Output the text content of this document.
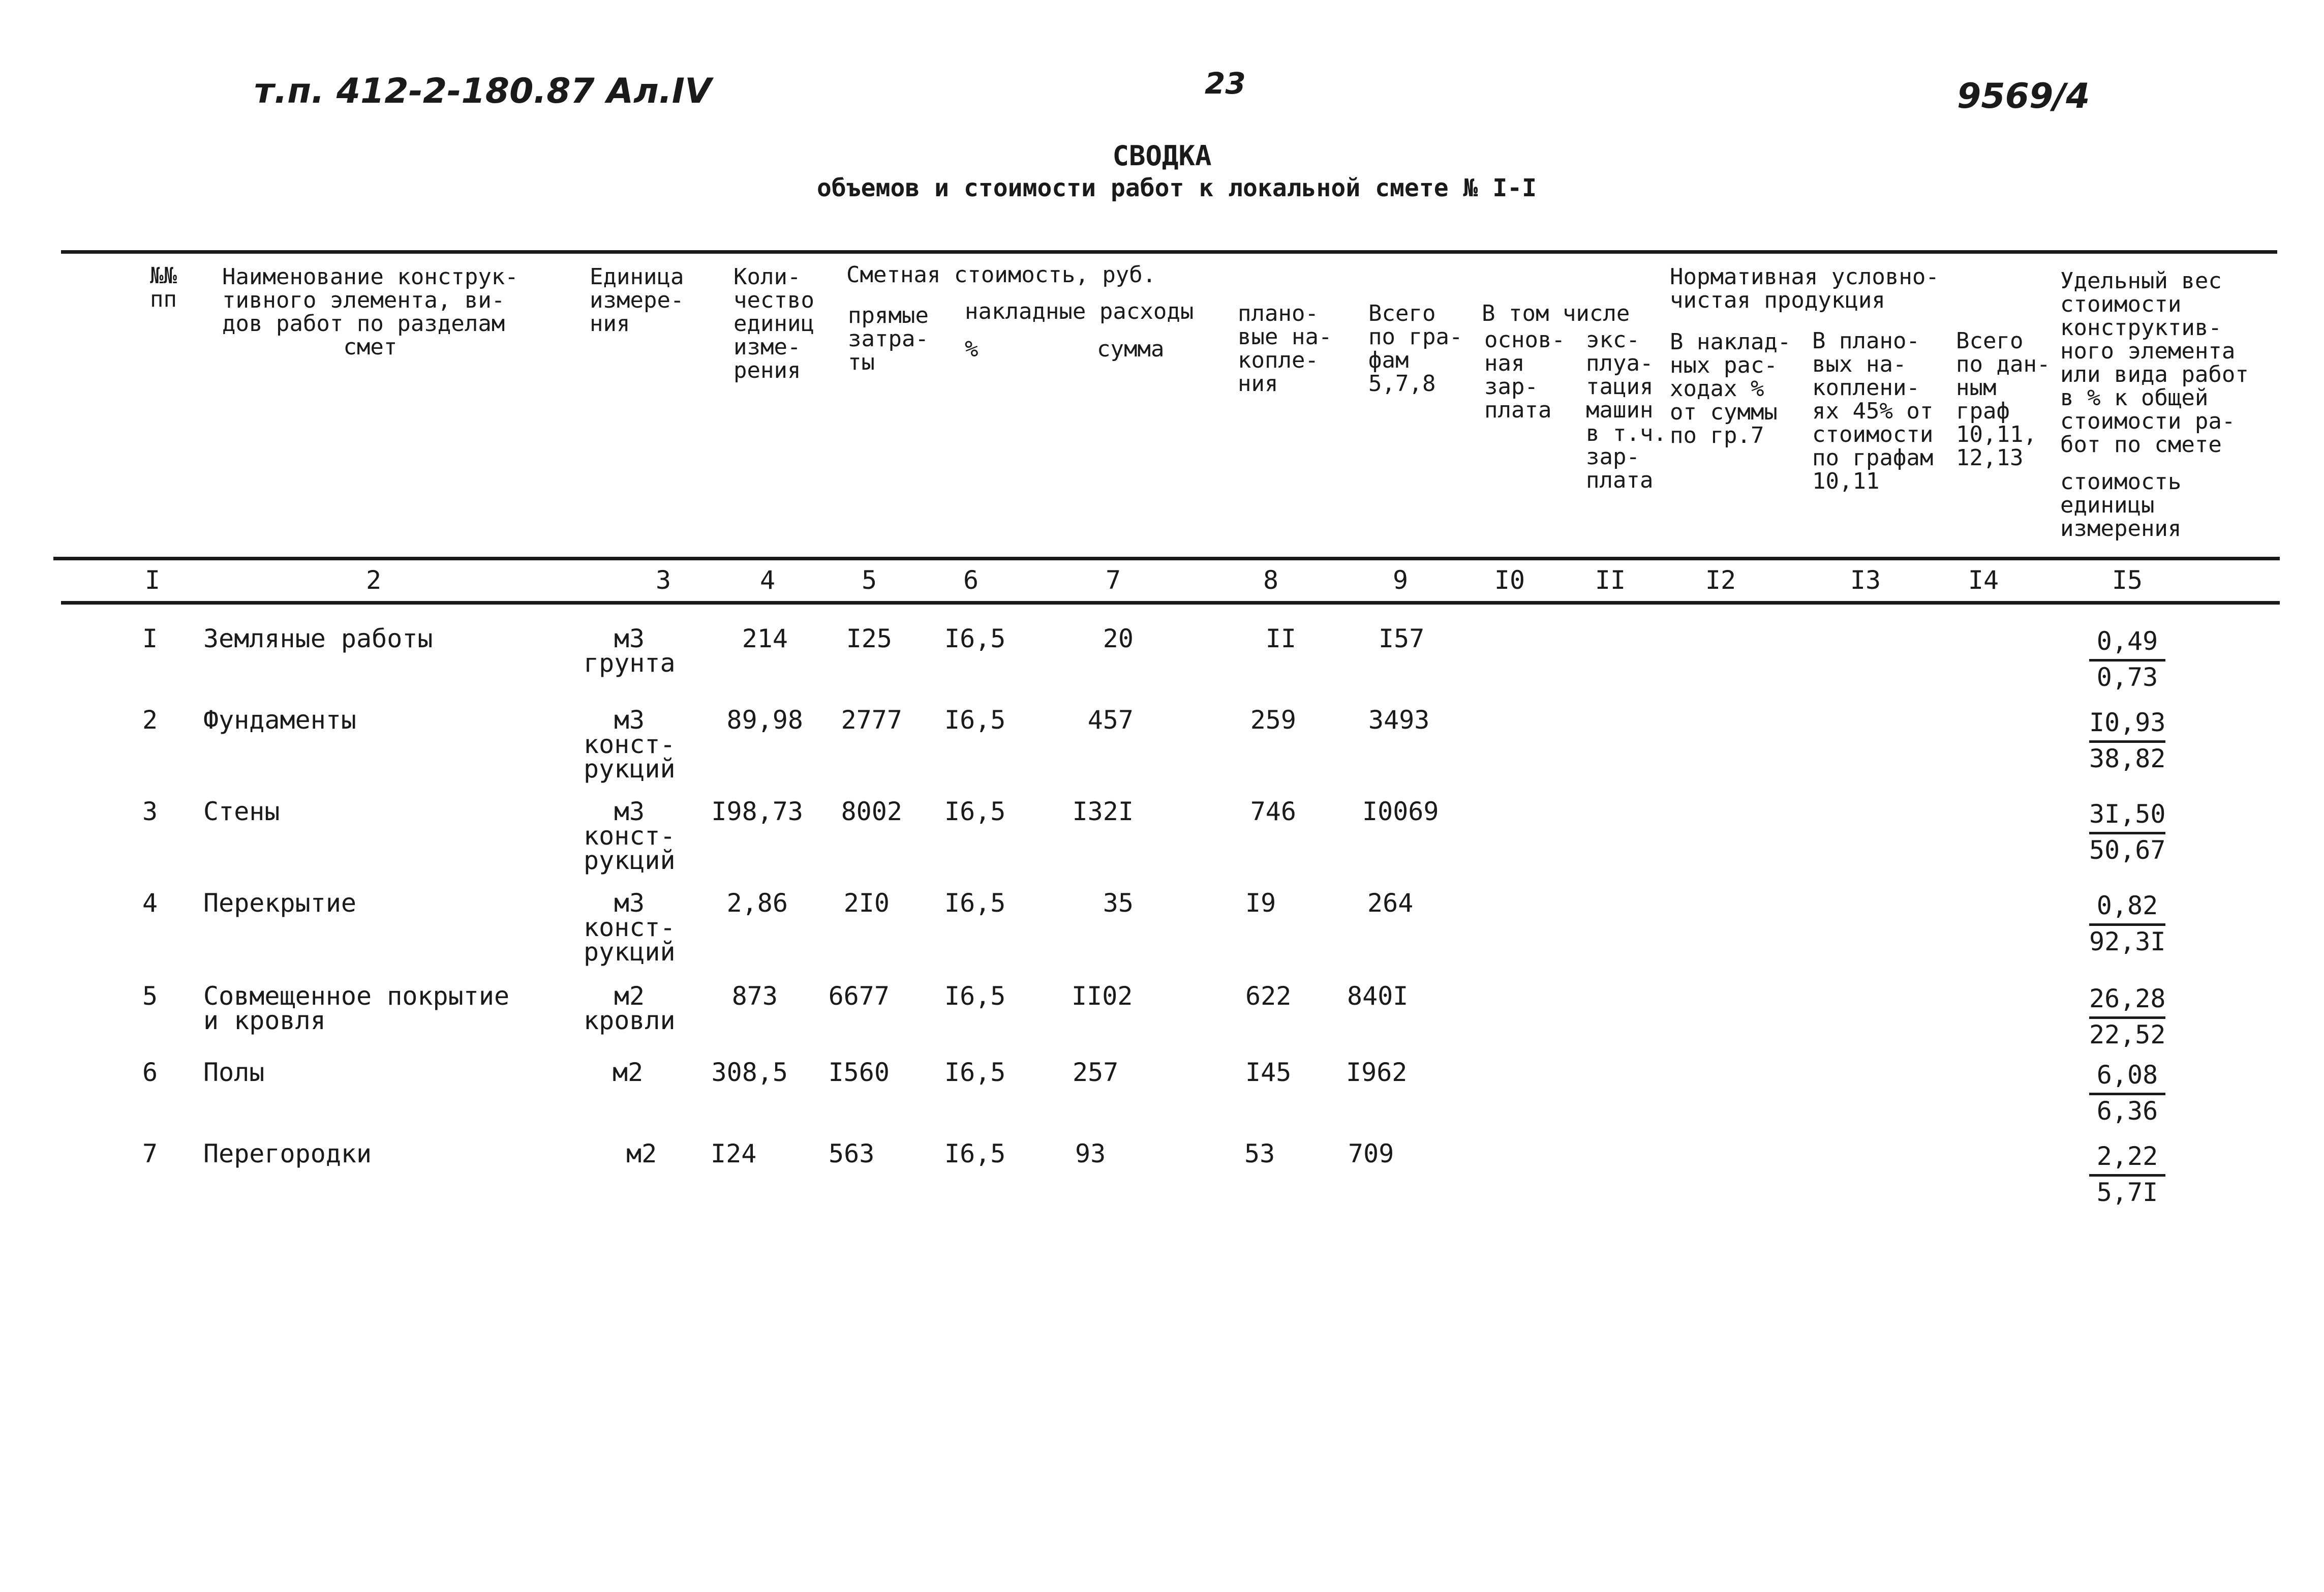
т.п. 412-2-180.87 Ал.IV	23	9569/4
СВОДКА
объемов и стоимости работ к локальной смете № I-I
№№
пп
Наименование конструк-
тивного элемента, ви-
дов работ по разделам
смет
Единица
измере-
ния
Коли-
чество
единиц
изме-
рения
Сметная стоимость, руб.
прямые
затра-
ты
накладные расходы
%	сумма
плано-
вые на-
копле-
ния
Всего
по гра-
фам
5,7,8
В том числе
основ-
ная
зар-
плата
экс-
плуа-
тация
машин
в т.ч.
зар-
плата
Нормативная условно-
чистая продукция
В наклад-
ных рас-
ходах %
от суммы
по гр.7
В плано-
вых на-
коплени-
ях 45% от
стоимости
по графам
10,11
Всего
по дан-
ным
граф
10,11,
12,13
Удельный вес
стоимости
конструктив-
ного элемента
или вида работ
в % к общей
стоимости ра-
бот по смете
стоимость
единицы
измерения
I	2	3	4	5	6	7	8	9	I0	II	I2	I3	I4	I5
I Земляные работы	м3
грунта
214	I25 I6,5	20	II	I57	$\frac{0,49}{0,73}$
2 Фундаменты	м3
конст-
рукций
89,98	2777 I6,5	457	259	3493	$\frac{I0,93}{38,82}$
3 Стены	м3
конст-
рукций
I98,73	8002 I6,5	I32I	746	I0069	$\frac{3I,50}{50,67}$
4 Перекрытие	м3
конст-
рукций
2,86	2I0 I6,5	35	I9	264	$\frac{0,82}{92,3I}$
5 Совмещенное покрытие
и кровля
м2
кровли
873	6677 I6,5	II02	622 840I	$\frac{26,28}{22,52}$
6 Полы	м2	308,5	I560 I6,5	257	I45 I962	$\frac{6,08}{6,36}$
7 Перегородки	м2 I24	563	I6,5	93	53	709	$\frac{2,22}{5,7I}$
